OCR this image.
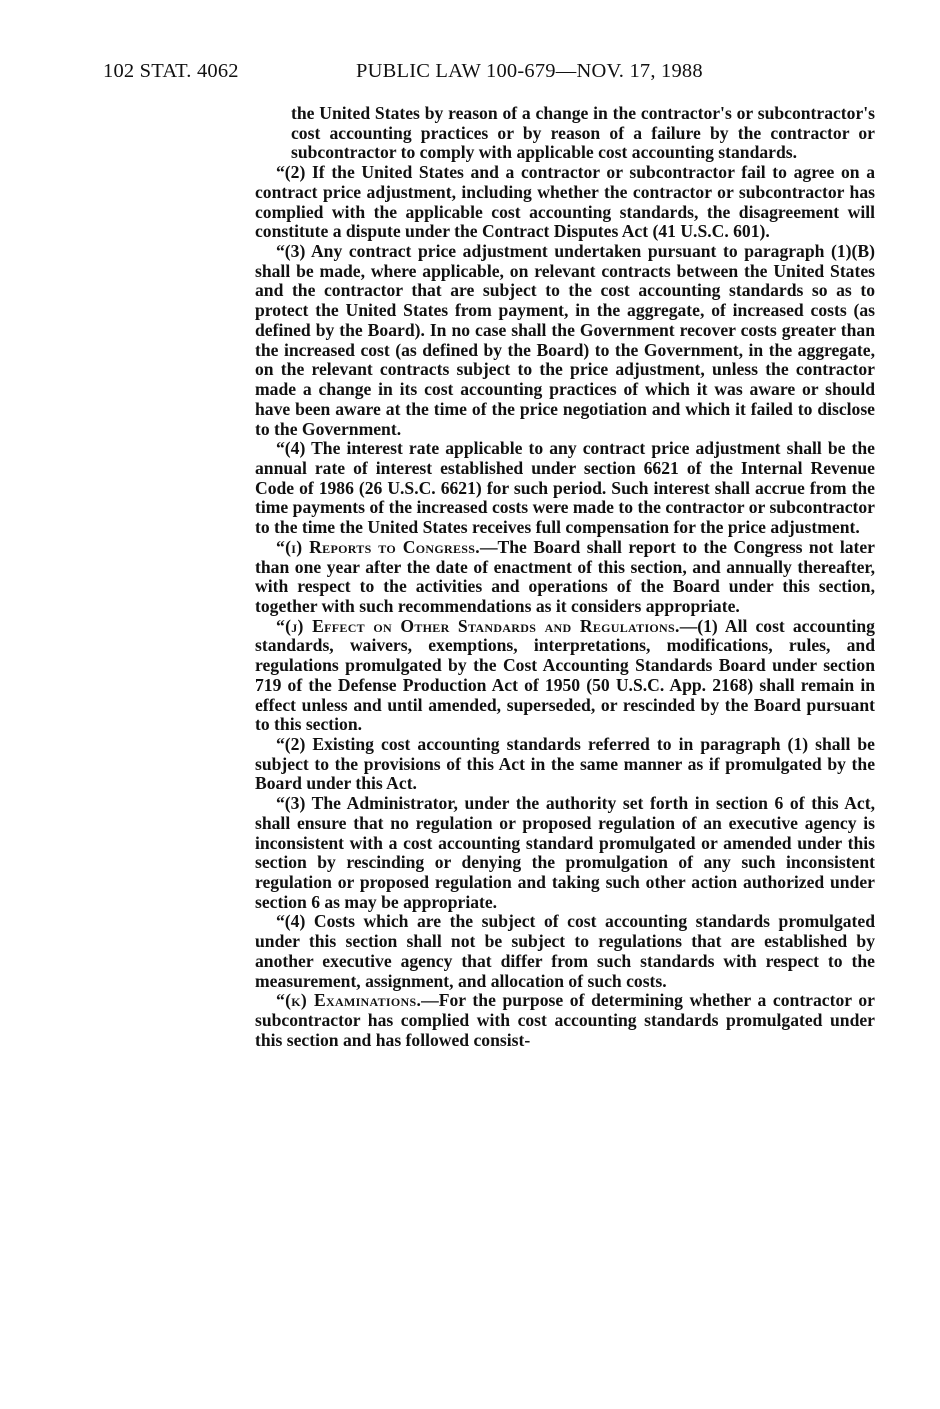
102 STAT. 4062	PUBLIC LAW 100-679—NOV. 17, 1988

the United States by reason of a change in the contractor's or subcontractor's cost accounting practices or by reason of a failure by the contractor or subcontractor to comply with applicable cost accounting standards.

“(2) If the United States and a contractor or subcontractor fail to agree on a contract price adjustment, including whether the contractor or subcontractor has complied with the applicable cost accounting standards, the disagreement will constitute a dispute under the Contract Disputes Act (41 U.S.C. 601).

“(3) Any contract price adjustment undertaken pursuant to paragraph (1)(B) shall be made, where applicable, on relevant contracts between the United States and the contractor that are subject to the cost accounting standards so as to protect the United States from payment, in the aggregate, of increased costs (as defined by the Board). In no case shall the Government recover costs greater than the increased cost (as defined by the Board) to the Government, in the aggregate, on the relevant contracts subject to the price adjustment, unless the contractor made a change in its cost accounting practices of which it was aware or should have been aware at the time of the price negotiation and which it failed to disclose to the Government.

“(4) The interest rate applicable to any contract price adjustment shall be the annual rate of interest established under section 6621 of the Internal Revenue Code of 1986 (26 U.S.C. 6621) for such period. Such interest shall accrue from the time payments of the increased costs were made to the contractor or subcontractor to the time the United States receives full compensation for the price adjustment.

“(i) Reports to Congress.—The Board shall report to the Congress not later than one year after the date of enactment of this section, and annually thereafter, with respect to the activities and operations of the Board under this section, together with such recommendations as it considers appropriate.

“(j) Effect on Other Standards and Regulations.—(1) All cost accounting standards, waivers, exemptions, interpretations, modifications, rules, and regulations promulgated by the Cost Accounting Standards Board under section 719 of the Defense Production Act of 1950 (50 U.S.C. App. 2168) shall remain in effect unless and until amended, superseded, or rescinded by the Board pursuant to this section.

“(2) Existing cost accounting standards referred to in paragraph (1) shall be subject to the provisions of this Act in the same manner as if promulgated by the Board under this Act.

“(3) The Administrator, under the authority set forth in section 6 of this Act, shall ensure that no regulation or proposed regulation of an executive agency is inconsistent with a cost accounting standard promulgated or amended under this section by rescinding or denying the promulgation of any such inconsistent regulation or proposed regulation and taking such other action authorized under section 6 as may be appropriate.

“(4) Costs which are the subject of cost accounting standards promulgated under this section shall not be subject to regulations that are established by another executive agency that differ from such standards with respect to the measurement, assignment, and allocation of such costs.

“(k) Examinations.—For the purpose of determining whether a contractor or subcontractor has complied with cost accounting standards promulgated under this section and has followed consist-
